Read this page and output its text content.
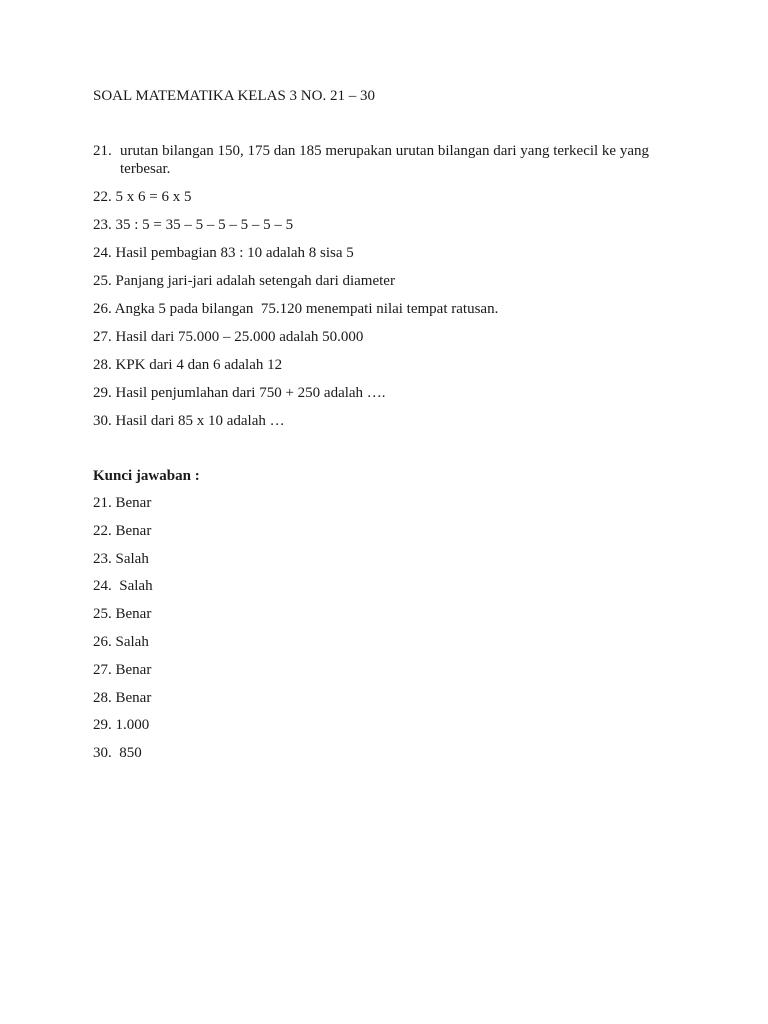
SOAL MATEMATIKA KELAS 3 NO. 21 – 30
21. urutan bilangan 150, 175 dan 185 merupakan urutan bilangan dari yang terkecil ke yang terbesar.
22. 5 x 6 = 6 x 5
23. 35 : 5 = 35 – 5 – 5 – 5 – 5 – 5
24. Hasil pembagian 83 : 10 adalah 8 sisa 5
25. Panjang jari-jari adalah setengah dari diameter
26. Angka 5 pada bilangan  75.120 menempati nilai tempat ratusan.
27. Hasil dari 75.000 – 25.000 adalah 50.000
28. KPK dari 4 dan 6 adalah 12
29. Hasil penjumlahan dari 750 + 250 adalah ….
30. Hasil dari 85 x 10 adalah …
Kunci jawaban :
21. Benar
22. Benar
23. Salah
24.  Salah
25. Benar
26. Salah
27. Benar
28. Benar
29. 1.000
30.  850
